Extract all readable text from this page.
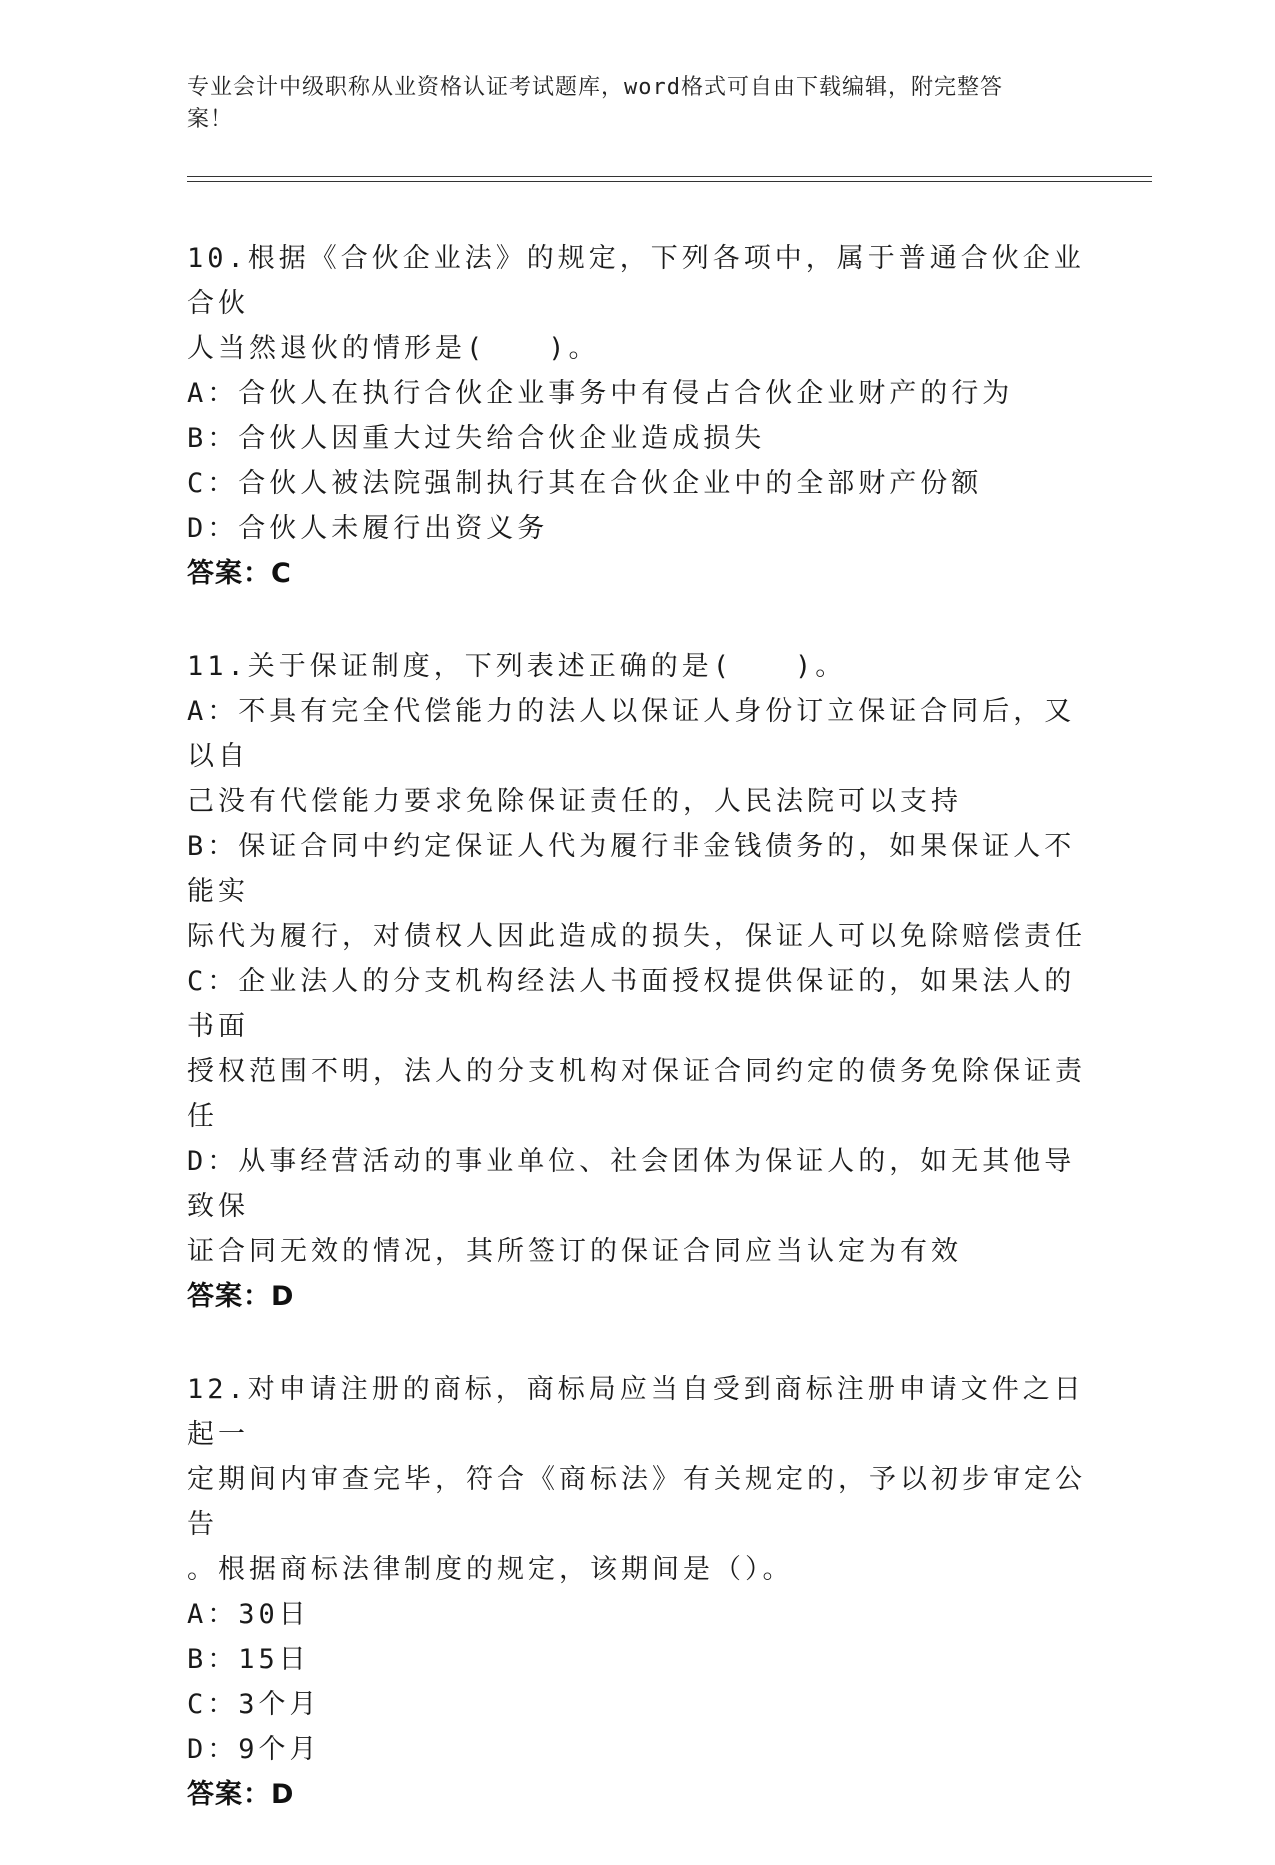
专业会计中级职称从业资格认证考试题库，word格式可自由下载编辑，附完整答
案！
10.根据《合伙企业法》的规定，下列各项中，属于普通合伙企业合伙
人当然退伙的情形是(　　)。
A：合伙人在执行合伙企业事务中有侵占合伙企业财产的行为
B：合伙人因重大过失给合伙企业造成损失
C：合伙人被法院强制执行其在合伙企业中的全部财产份额
D：合伙人未履行出资义务
答案：C
11.关于保证制度，下列表述正确的是(　　)。
A：不具有完全代偿能力的法人以保证人身份订立保证合同后，又以自
己没有代偿能力要求免除保证责任的，人民法院可以支持
B：保证合同中约定保证人代为履行非金钱债务的，如果保证人不能实
际代为履行，对债权人因此造成的损失，保证人可以免除赔偿责任
C：企业法人的分支机构经法人书面授权提供保证的，如果法人的书面
授权范围不明，法人的分支机构对保证合同约定的债务免除保证责任
D：从事经营活动的事业单位、社会团体为保证人的，如无其他导致保
证合同无效的情况，其所签订的保证合同应当认定为有效
答案：D
12.对申请注册的商标，商标局应当自受到商标注册申请文件之日起一
定期间内审查完毕，符合《商标法》有关规定的，予以初步审定公告
。根据商标法律制度的规定，该期间是（）。
A：30日
B：15日
C：3个月
D：9个月
答案：D
